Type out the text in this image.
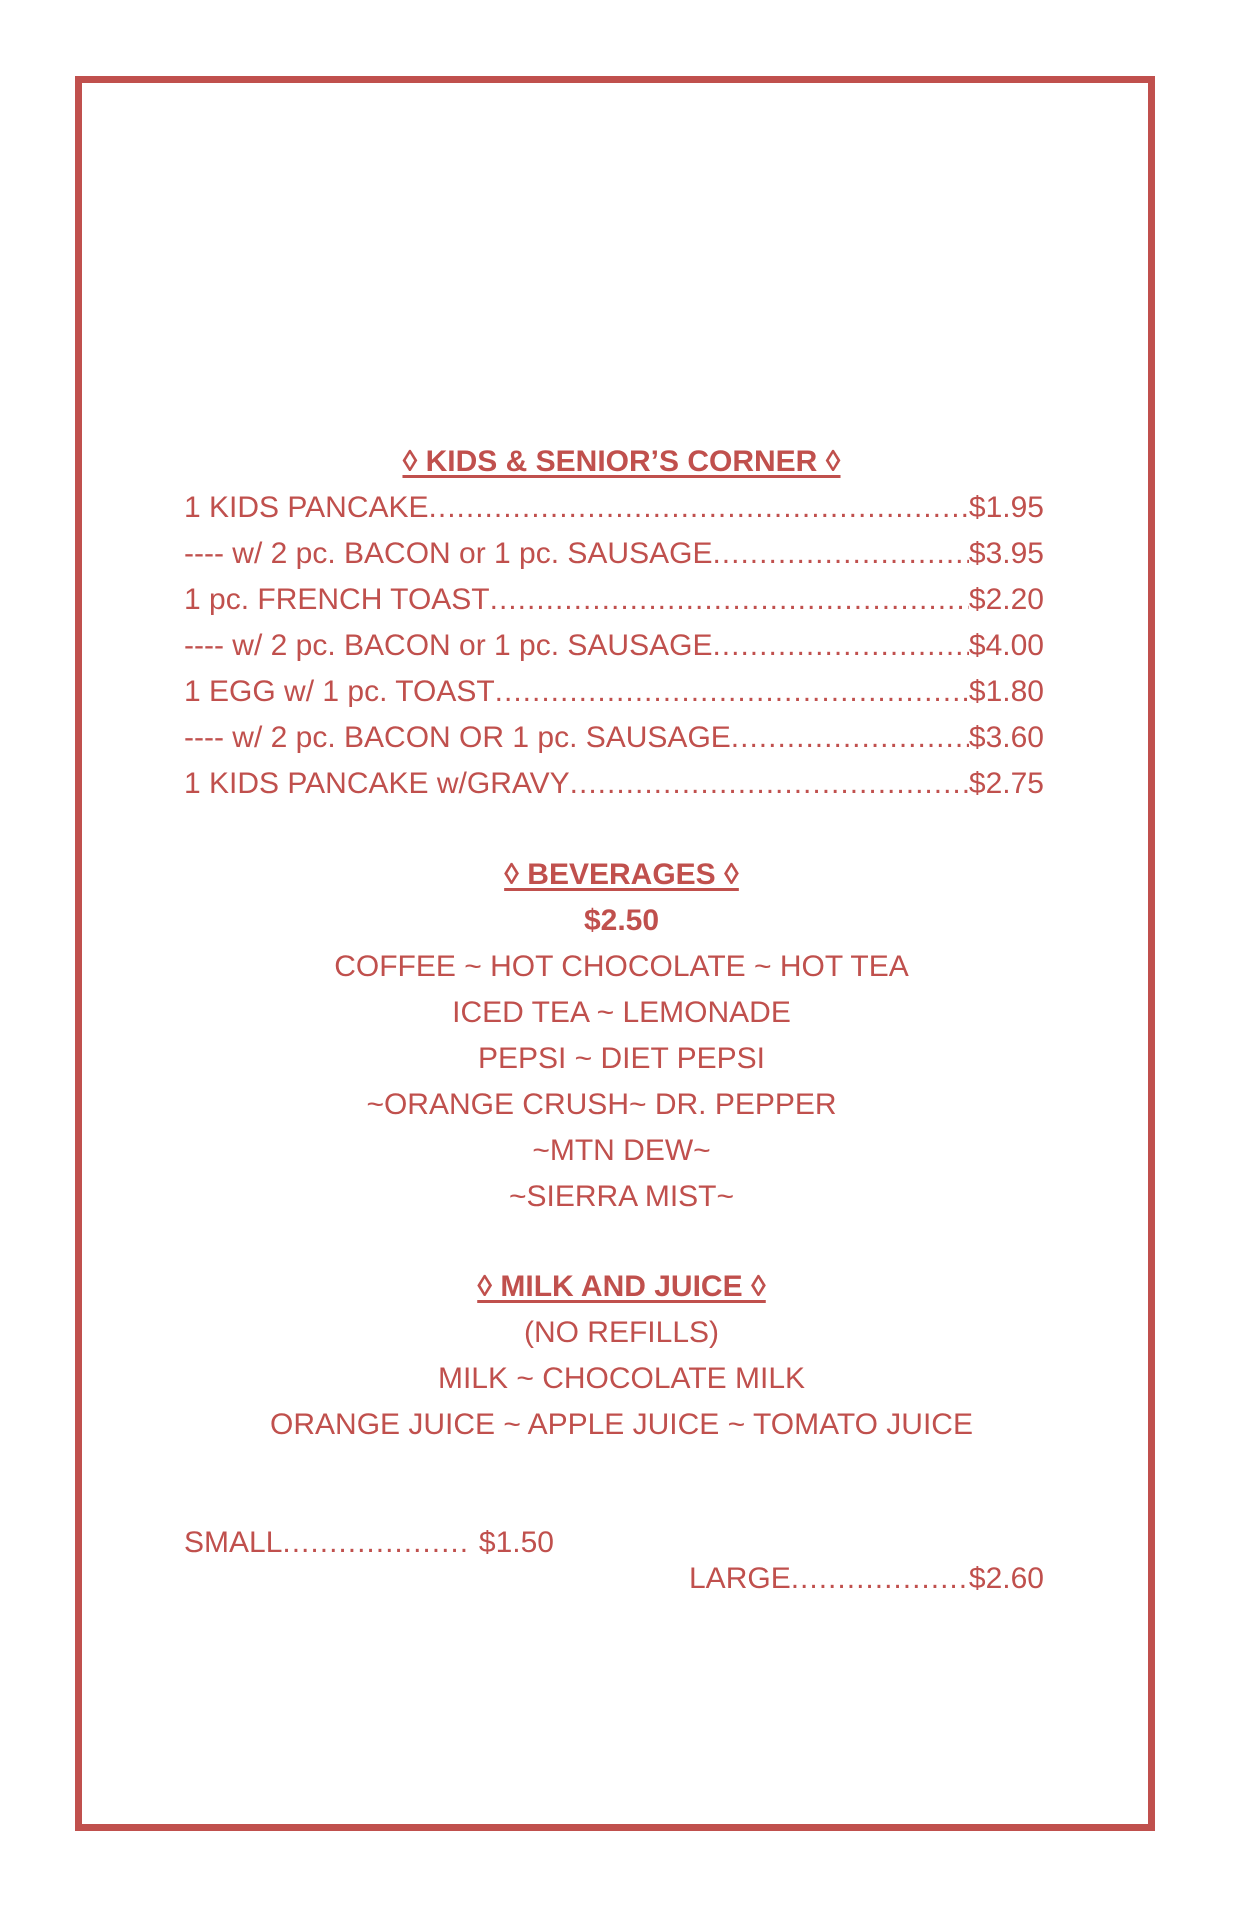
◊ KIDS & SENIOR’S CORNER ◊
1 KIDS PANCAKE .....	$1.95
---- w/ 2 pc. BACON or 1 pc. SAUSAGE .....	$3.95
1 pc. FRENCH TOAST .....	$2.20
---- w/ 2 pc. BACON or 1 pc. SAUSAGE .....	$4.00
1 EGG w/ 1 pc. TOAST .....	$1.80
---- w/ 2 pc. BACON OR 1 pc. SAUSAGE .....	$3.60
1 KIDS PANCAKE w/GRAVY .....	$2.75
◊ BEVERAGES ◊
$2.50
COFFEE ~ HOT CHOCOLATE ~ HOT TEA
ICED TEA ~ LEMONADE
PEPSI ~ DIET PEPSI
~ORANGE CRUSH~ DR. PEPPER
~MTN DEW~
~SIERRA MIST~
◊ MILK AND JUICE ◊
(NO REFILLS)
MILK ~ CHOCOLATE MILK
ORANGE JUICE ~ APPLE JUICE ~ TOMATO JUICE

SMALL .....	$1.50

LARGE .....	$2.60
